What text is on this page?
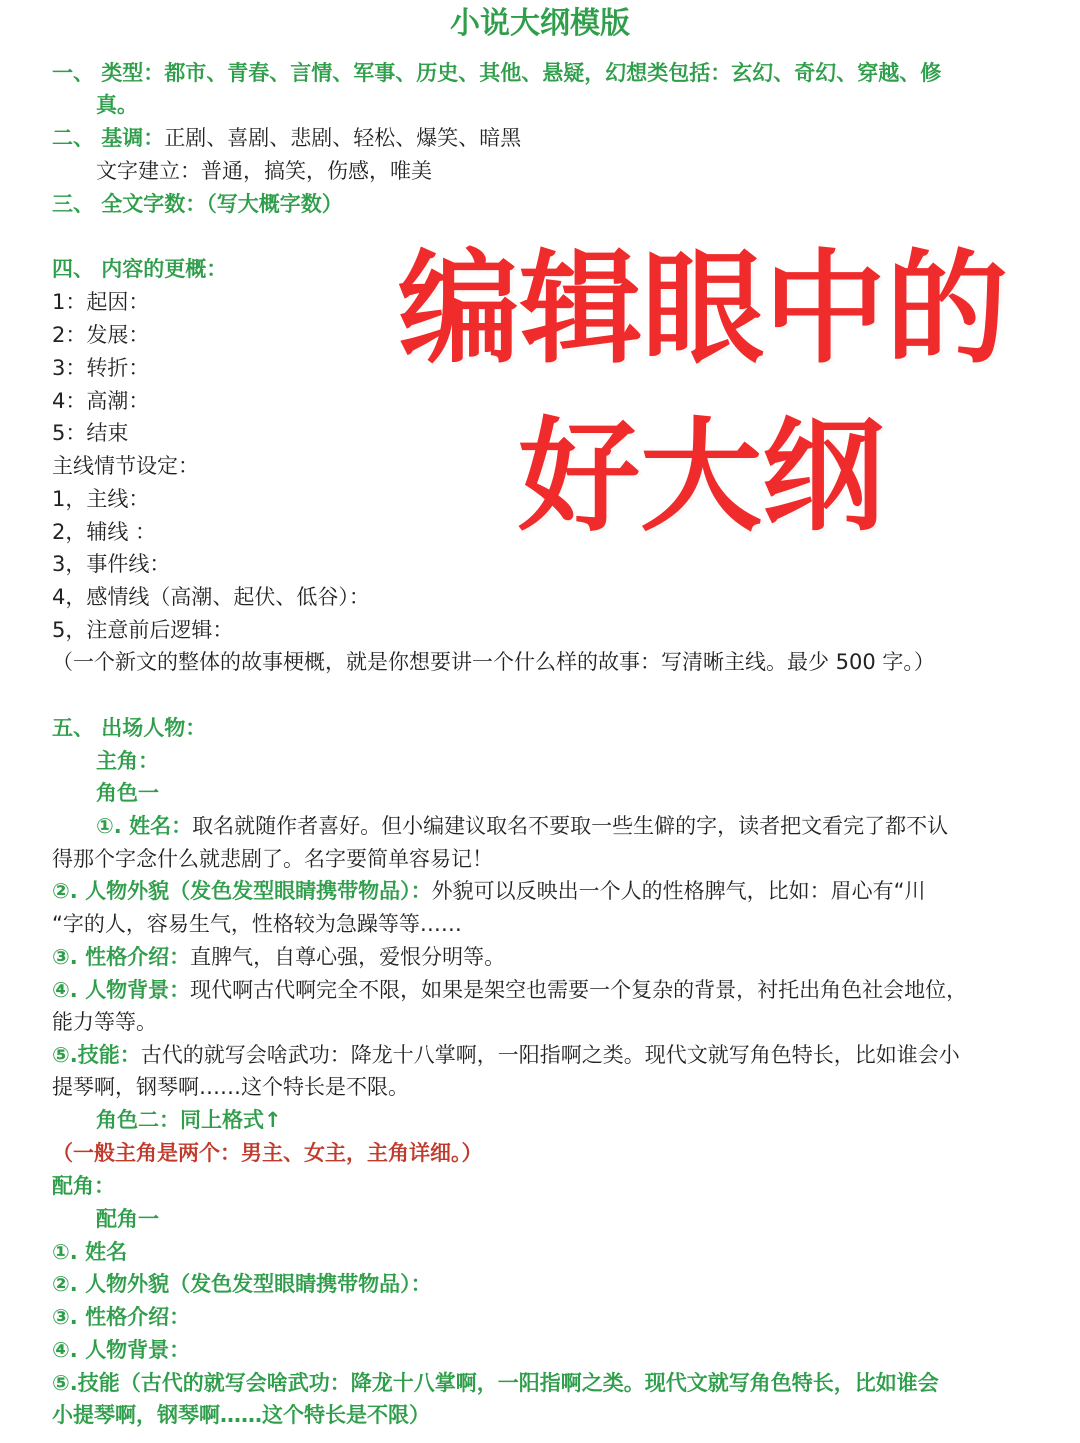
小说大纲模版
一、 类型：都市、青春、言情、军事、历史、其他、悬疑，幻想类包括：玄幻、奇幻、穿越、修
真。
二、 基调：正剧、喜剧、悲剧、轻松、爆笑、暗黑
文字建立：普通，搞笑，伤感，唯美
三、 全文字数：（写大概字数）
四、 内容的更概：
1：起因：
2：发展：
3：转折：
4：高潮：
5：结束
主线情节设定：
1，主线：
2，辅线 ：
3，事件线：
4，感情线（高潮、起伏、低谷）：
5，注意前后逻辑：
（一个新文的整体的故事梗概，就是你想要讲一个什么样的故事：写清晰主线。最少 500 字。）
五、 出场人物：
主角：
角色一
①. 姓名：取名就随作者喜好。但小编建议取名不要取一些生僻的字，读者把文看完了都不认
得那个字念什么就悲剧了。名字要简单容易记！
②. 人物外貌（发色发型眼睛携带物品）：外貌可以反映出一个人的性格脾气，比如：眉心有“川
“字的人，容易生气，性格较为急躁等等……
③. 性格介绍：直脾气，自尊心强，爱恨分明等。
④. 人物背景：现代啊古代啊完全不限，如果是架空也需要一个复杂的背景，衬托出角色社会地位，
能力等等。
⑤.技能：古代的就写会啥武功：降龙十八掌啊，一阳指啊之类。现代文就写角色特长，比如谁会小
提琴啊，钢琴啊……这个特长是不限。
角色二：同上格式↑
（一般主角是两个：男主、女主，主角详细。）
配角：
配角一
①. 姓名
②. 人物外貌（发色发型眼睛携带物品）：
③. 性格介绍：
④. 人物背景：
⑤.技能（古代的就写会啥武功：降龙十八掌啊，一阳指啊之类。现代文就写角色特长，比如谁会
小提琴啊，钢琴啊……这个特长是不限）
编辑眼中的
好大纲
